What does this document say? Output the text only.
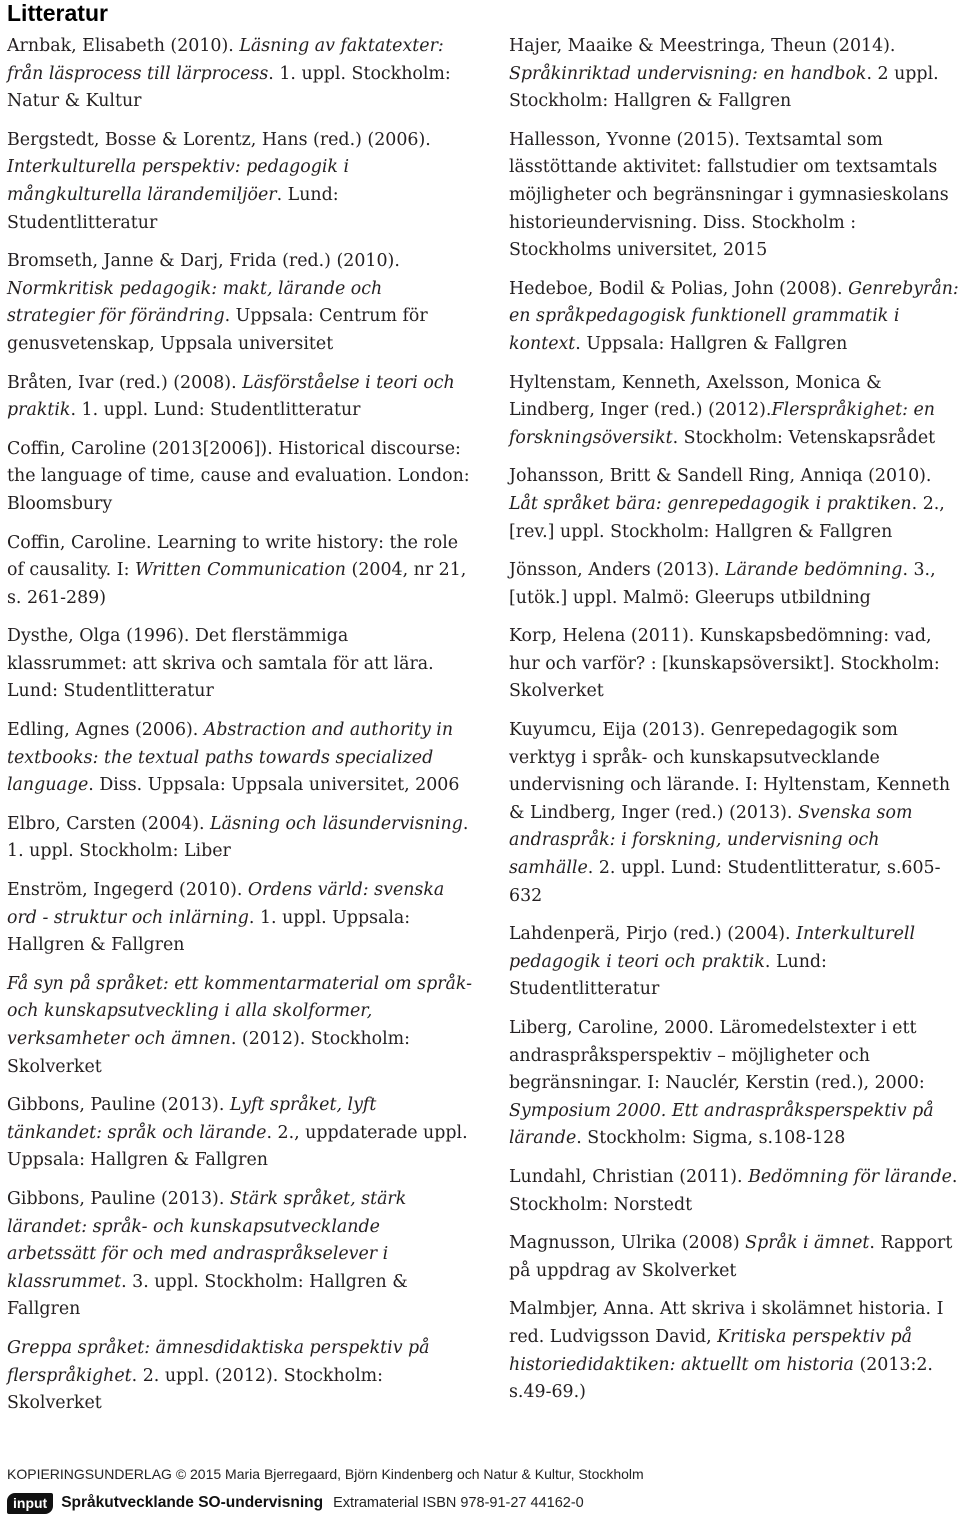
Litteratur
Arnbak, Elisabeth (2010). Läsning av faktatexter: från läsprocess till lärprocess. 1. uppl. Stockholm: Natur & Kultur
Bergstedt, Bosse & Lorentz, Hans (red.) (2006). Interkulturella perspektiv: pedagogik i mångkulturella lärandemiljöer. Lund: Studentlitteratur
Bromseth, Janne & Darj, Frida (red.) (2010). Normkritisk pedagogik: makt, lärande och strategier för förändring. Uppsala: Centrum för genusvetenskap, Uppsala universitet
Bråten, Ivar (red.) (2008). Läsförståelse i teori och praktik. 1. uppl. Lund: Studentlitteratur
Coffin, Caroline (2013[2006]). Historical discourse: the language of time, cause and evaluation. London: Bloomsbury
Coffin, Caroline. Learning to write history: the role of causality. I: Written Communication (2004, nr 21, s. 261-289)
Dysthe, Olga (1996). Det flerstämmiga klassrummet: att skriva och samtala för att lära. Lund: Studentlitteratur
Edling, Agnes (2006). Abstraction and authority in textbooks: the textual paths towards specialized language. Diss. Uppsala: Uppsala universitet, 2006
Elbro, Carsten (2004). Läsning och läsundervisning. 1. uppl. Stockholm: Liber
Enström, Ingegerd (2010). Ordens värld: svenska ord - struktur och inlärning. 1. uppl. Uppsala: Hallgren & Fallgren
Få syn på språket: ett kommentarmaterial om språk- och kunskapsutveckling i alla skolformer, verksamheter och ämnen. (2012). Stockholm: Skolverket
Gibbons, Pauline (2013). Lyft språket, lyft tänkandet: språk och lärande. 2., uppdaterade uppl. Uppsala: Hallgren & Fallgren
Gibbons, Pauline (2013). Stärk språket, stärk lärandet: språk- och kunskapsutvecklande arbetssätt för och med andraspråkselever i klassrummet. 3. uppl. Stockholm: Hallgren & Fallgren
Greppa språket: ämnesdidaktiska perspektiv på flerspråkighet. 2. uppl. (2012). Stockholm: Skolverket
Hajer, Maaike & Meestringa, Theun (2014). Språkinriktad undervisning: en handbok. 2 uppl. Stockholm: Hallgren & Fallgren
Hallesson, Yvonne (2015). Textsamtal som lässtöttande aktivitet: fallstudier om textsamtals möjligheter och begränsningar i gymnasieskolans historieundervisning. Diss. Stockholm : Stockholms universitet, 2015
Hedeboe, Bodil & Polias, John (2008). Genrebyrån: en språkpedagogisk funktionell grammatik i kontext. Uppsala: Hallgren & Fallgren
Hyltenstam, Kenneth, Axelsson, Monica & Lindberg, Inger (red.) (2012).Flerspråkighet: en forskningsöversikt. Stockholm: Vetenskapsrådet
Johansson, Britt & Sandell Ring, Anniqa (2010). Låt språket bära: genrepedagogik i praktiken. 2., [rev.] uppl. Stockholm: Hallgren & Fallgren
Jönsson, Anders (2013). Lärande bedömning. 3., [utök.] uppl. Malmö: Gleerups utbildning
Korp, Helena (2011). Kunskapsbedömning: vad, hur och varför? : [kunskapsöversikt]. Stockholm: Skolverket
Kuyumcu, Eija (2013). Genrepedagogik som verktyg i språk- och kunskapsutvecklande undervisning och lärande. I: Hyltenstam, Kenneth & Lindberg, Inger (red.) (2013). Svenska som andraspråk: i forskning, undervisning och samhälle. 2. uppl. Lund: Studentlitteratur, s.605-632
Lahdenperä, Pirjo (red.) (2004). Interkulturell pedagogik i teori och praktik. Lund: Studentlitteratur
Liberg, Caroline, 2000. Läromedelstexter i ett andraspråksperspektiv – möjligheter och begränsningar. I: Nauclér, Kerstin (red.), 2000: Symposium 2000. Ett andraspråksperspektiv på lärande. Stockholm: Sigma, s.108-128
Lundahl, Christian (2011). Bedömning för lärande. Stockholm: Norstedt
Magnusson, Ulrika (2008) Språk i ämnet. Rapport på uppdrag av Skolverket
Malmbjer, Anna. Att skriva i skolämnet historia. I red. Ludvigsson David, Kritiska perspektiv på historiedidaktiken: aktuellt om historia (2013:2. s.49-69.)
KOPIERINGSUNDERLAG © 2015 Maria Bjerregaard, Björn Kindenberg och Natur & Kultur, Stockholm
input Språkutvecklande SO-undervisning Extramaterial ISBN 978-91-27 44162-0
